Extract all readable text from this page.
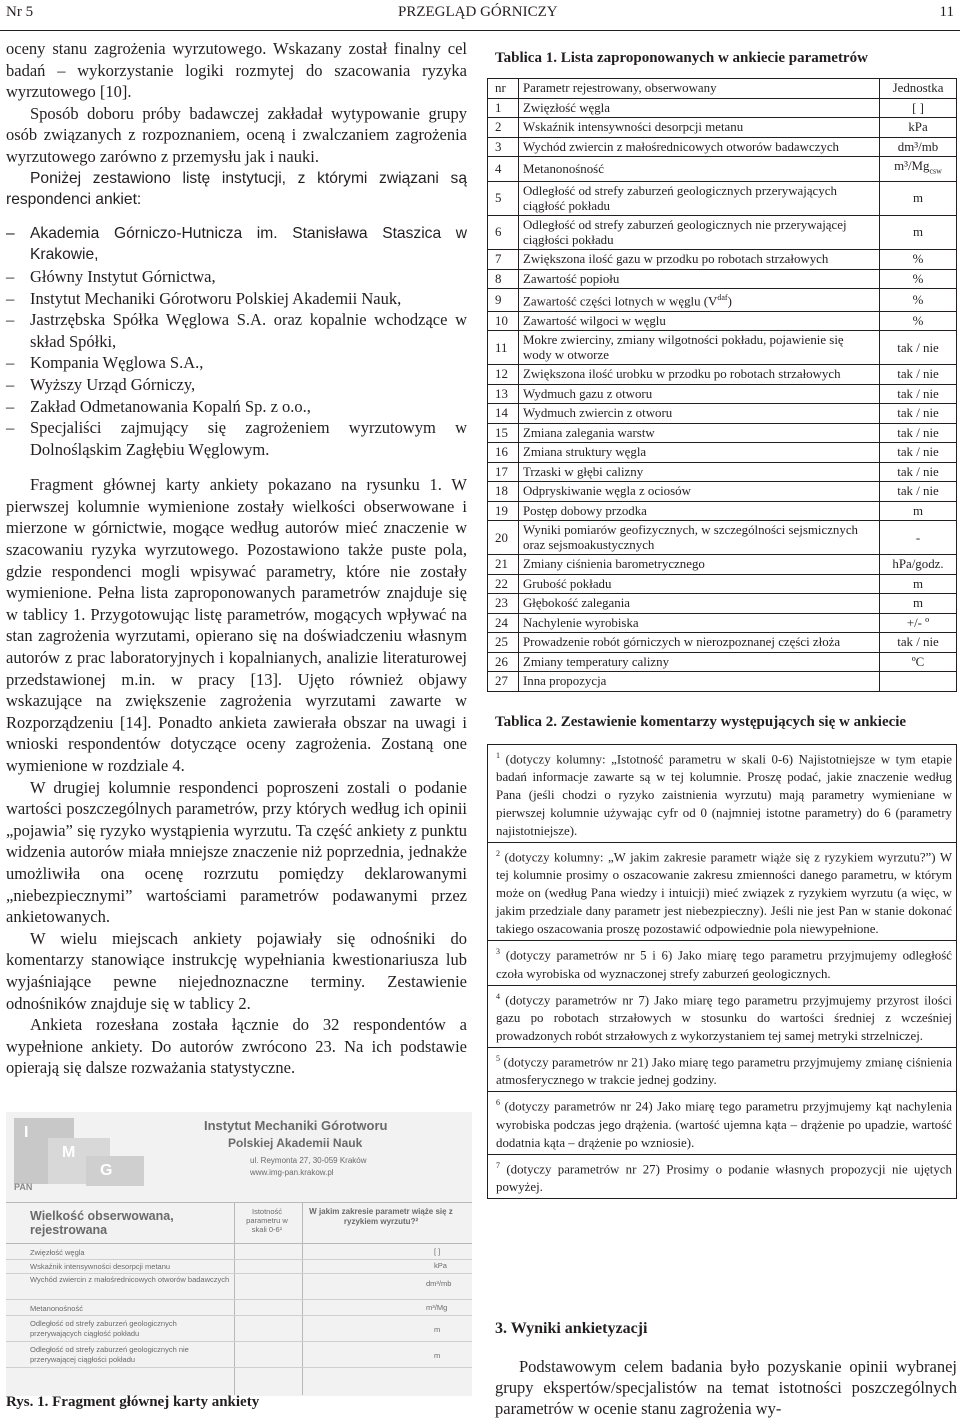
Nr 5	PRZEGLĄD GÓRNICZY	11

oceny stanu zagrożenia wyrzutowego. Wskazany został finalny cel badań – wykorzystanie logiki rozmytej do szacowania ryzyka wyrzutowego [10].

Sposób doboru próby badawczej zakładał wytypowanie grupy osób związanych z rozpoznaniem, oceną i zwalczaniem zagrożenia wyrzutowego zarówno z przemysłu jak i nauki.

Poniżej zestawiono listę instytucji, z którymi związani są respondenci ankiet:

– Akademia Górniczo-Hutnicza im. Stanisława Staszica w Krakowie,
– Główny Instytut Górnictwa,
– Instytut Mechaniki Górotworu Polskiej Akademii Nauk,
– Jastrzębska Spółka Węglowa S.A. oraz kopalnie wchodzące w skład Spółki,
– Kompania Węglowa S.A.,
– Wyższy Urząd Górniczy,
– Zakład Odmetanowania Kopalń Sp. z o.o.,
– Specjaliści zajmujący się zagrożeniem wyrzutowym w Dolnośląskim Zagłębiu Węglowym.

Fragment głównej karty ankiety pokazano na rysunku 1. W pierwszej kolumnie wymienione zostały wielkości obserwowane i mierzone w górnictwie, mogące według autorów mieć znaczenie w szacowaniu ryzyka wyrzutowego. Pozostawiono także puste pola, gdzie respondenci mogli wpisywać parametry, które nie zostały wymienione. Pełna lista zaproponowanych parametrów znajduje się w tablicy 1. Przygotowując listę parametrów, mogących wpływać na stan zagrożenia wyrzutami, opierano się na doświadczeniu własnym autorów z prac laboratoryjnych i kopalnianych, analizie literaturowej przedstawionej m.in. w pracy [13]. Ujęto również objawy wskazujące na zwiększenie zagrożenia wyrzutami zawarte w Rozporządzeniu [14]. Ponadto ankieta zawierała obszar na uwagi i wnioski respondentów dotyczące oceny zagrożenia. Zostaną one wymienione w rozdziale 4.

W drugiej kolumnie respondenci poproszeni zostali o podanie wartości poszczególnych parametrów, przy których według ich opinii „pojawia” się ryzyko wystąpienia wyrzutu. Ta część ankiety z punktu widzenia autorów miała mniejsze znaczenie niż poprzednia, jednakże umożliwiła ona ocenę rozrzutu pomiędzy deklarowanymi „niebezpiecznymi” wartościami parametrów podawanymi przez ankietowanych.

W wielu miejscach ankiety pojawiały się odnośniki do komentarzy stanowiące instrukcję wypełniania kwestionariusza lub wyjaśniające pewne niejednoznaczne terminy. Zestawienie odnośników znajduje się w tablicy 2.

Ankieta rozesłana została łącznie do 32 respondentów a wypełnione ankiety. Do autorów zwrócono 23. Na ich podstawie opierają się dalsze rozważania statystyczne.

I
M
G
PAN
Instytut Mechaniki Górotworu
Polskiej Akademii Nauk
ul. Reymonta 27, 30-059 Kraków
www.img-pan.krakow.pl
Wielkość obserwowana, rejestrowana
Istotność parametru w skali 0-6¹
W jakim zakresie parametr wiąże się z ryzykiem wyrzutu?²
Zwięzłość węgla	[ ]
Wskaźnik intensywności desorpcji metanu	kPa
Wychód zwiercin z małośrednicowych otworów badawczych	dm³/mb
Metanonośność	m³/Mg
Odległość od strefy zaburzeń geologicznych przerywających ciągłość pokładu	m
Odległość od strefy zaburzeń geologicznych nie przerywającej ciągłości pokładu	m
Rys. 1. Fragment głównej karty ankiety
Tablica 1. Lista zaproponowanych w ankiecie parametrów
nr	Parametr rejestrowany, obserwowany	Jednostka
1	Zwięzłość węgla	[ ]
2	Wskaźnik intensywności desorpcji metanu	kPa
3	Wychód zwiercin z małośrednicowych otworów badawczych	dm³/mb
4	Metanonośność	$m^3/Mg_{csw}$
5	Odległość od strefy zaburzeń geologicznych przerywających ciągłość pokładu	m
6	Odległość od strefy zaburzeń geologicznych nie przerywającej ciągłości pokładu	m
7	Zwiększona ilość gazu w przodku po robotach strzałowych	%
8	Zawartość popiołu	%
9	Zawartość części lotnych w węglu $(V^{daf})$	%
10	Zawartość wilgoci w węglu	%
11	Mokre zwierciny, zmiany wilgotności pokładu, pojawienie się wody w otworze	tak / nie
12	Zwiększona ilość urobku w przodku po robotach strzałowych	tak / nie
13	Wydmuch gazu z otworu	tak / nie
14	Wydmuch zwiercin z otworu	tak / nie
15	Zmiana zalegania warstw	tak / nie
16	Zmiana struktury węgla	tak / nie
17	Trzaski w głębi calizny	tak / nie
18	Odpryskiwanie węgla z ociosów	tak / nie
19	Postęp dobowy przodka	m
20	Wyniki pomiarów geofizycznych, w szczególności sejsmicznych oraz sejsmoakustycznych	-
21	Zmiany ciśnienia barometrycznego	hPa/godz.
22	Grubość pokładu	m
23	Głębokość zalegania	m
24	Nachylenie wyrobiska	+/- º
25	Prowadzenie robót górniczych w nierozpoznanej części złoża	tak / nie
26	Zmiany temperatury calizny	ºC
27	Inna propozycja	
Tablica 2. Zestawienie komentarzy występujących się w ankiecie
$^1$ (dotyczy kolumny: „Istotność parametru w skali 0-6) Najistotniejsze w tym etapie badań informacje zawarte są w tej kolumnie. Proszę podać, jakie znaczenie według Pana (jeśli chodzi o ryzyko zaistnienia wyrzutu) mają parametry wymieniane w pierwszej kolumnie używając cyfr od 0 (najmniej istotne parametry) do 6 (parametry najistotniejsze).
$^2$ (dotyczy kolumny: „W jakim zakresie parametr wiąże się z ryzykiem wyrzutu?”) W tej kolumnie prosimy o oszacowanie zakresu zmienności danego parametru, w którym może on (według Pana wiedzy i intuicji) mieć związek z ryzykiem wyrzutu (a więc, w jakim przedziale dany parametr jest niebezpieczny). Jeśli nie jest Pan w stanie dokonać takiego oszacowania proszę pozostawić odpowiednie pola niewypełnione.
$^3$ (dotyczy parametrów nr 5 i 6) Jako miarę tego parametru przyjmujemy odległość czoła wyrobiska od wyznaczonej strefy zaburzeń geologicznych.
$^4$ (dotyczy parametrów nr 7) Jako miarę tego parametru przyjmujemy przyrost ilości gazu po robotach strzałowych w stosunku do wartości średniej z wcześniej prowadzonych robót strzałowych z wykorzystaniem tej samej metryki strzelniczej.
$^5$ (dotyczy parametrów nr 21) Jako miarę tego parametru przyjmujemy zmianę ciśnienia atmosferycznego w trakcie jednej godziny.
$^6$ (dotyczy parametrów nr 24) Jako miarę tego parametru przyjmujemy kąt nachylenia wyrobiska podczas jego drążenia. (wartość ujemna kąta – drążenie po upadzie, wartość dodatnia kąta – drążenie po wzniosie).
$^7$ (dotyczy parametrów nr 27) Prosimy o podanie własnych propozycji nie ujętych powyżej.
3. Wyniki ankietyzacji
Podstawowym celem badania było pozyskanie opinii wybranej grupy ekspertów/specjalistów na temat istotności poszczególnych parametrów w ocenie stanu zagrożenia wy-
